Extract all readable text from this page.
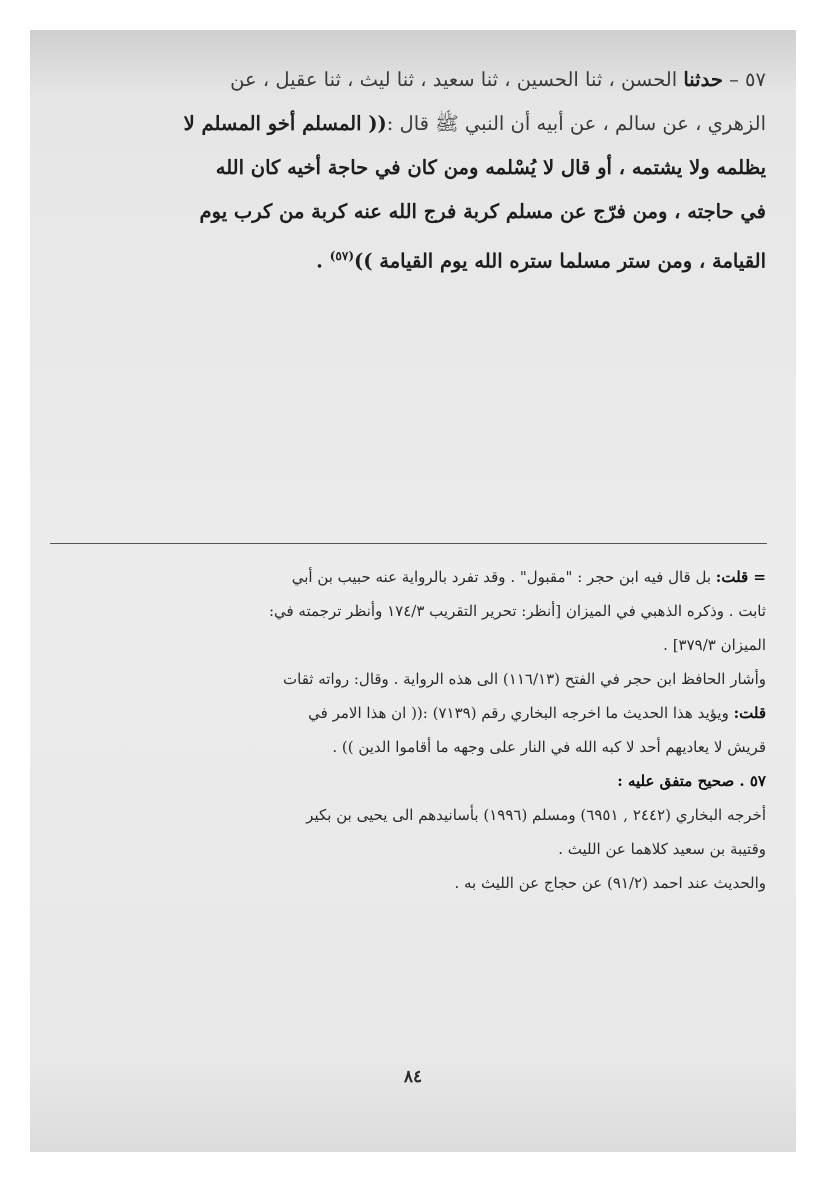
٥٧ – حدثنا الحسن ، ثنا الحسين ، ثنا سعيد ، ثنا ليث ، ثنا عقيل ، عن
الزهري ، عن سالم ، عن أبيه أن النبي ﷺ قال :(( المسلم أخو المسلم لا
يظلمه ولا يشتمه ، أو قال لا يُسْلمه ومن كان في حاجة أخيه كان الله
في حاجته ، ومن فرّج عن مسلم كربة فرج الله عنه كربة من كرب يوم
القيامة ، ومن ستر مسلما ستره الله يوم القيامة ))$^{(٥٧)}$ .
= قلت: بل قال فيه ابن حجر : "مقبول" . وقد تفرد بالرواية عنه حبيب بن أبي
ثابت . وذكره الذهبي في الميزان [أنظر: تحرير التقريب ١٧٤/٣ وأنظر ترجمته في:
الميزان ٣٧٩/٣] .
وأشار الحافظ ابن حجر في الفتح (١١٦/١٣) الى هذه الرواية . وقال: رواته ثقات
قلت: ويؤيد هذا الحديث ما اخرجه البخاري رقم (٧١٣٩) :(( ان هذا الامر في
قريش لا يعاديهم أحد لا كبه الله في النار على وجهه ما أقاموا الدين )) .
٥٧ . صحيح متفق عليه :
أخرجه البخاري (٢٤٤٢ , ٦٩٥١) ومسلم (١٩٩٦) بأسانيدهم الى يحيى بن بكير
وقتيبة بن سعيد كلاهما عن الليث .
والحديث عند احمد (٩١/٢) عن حجاج عن الليث به .
٨٤
